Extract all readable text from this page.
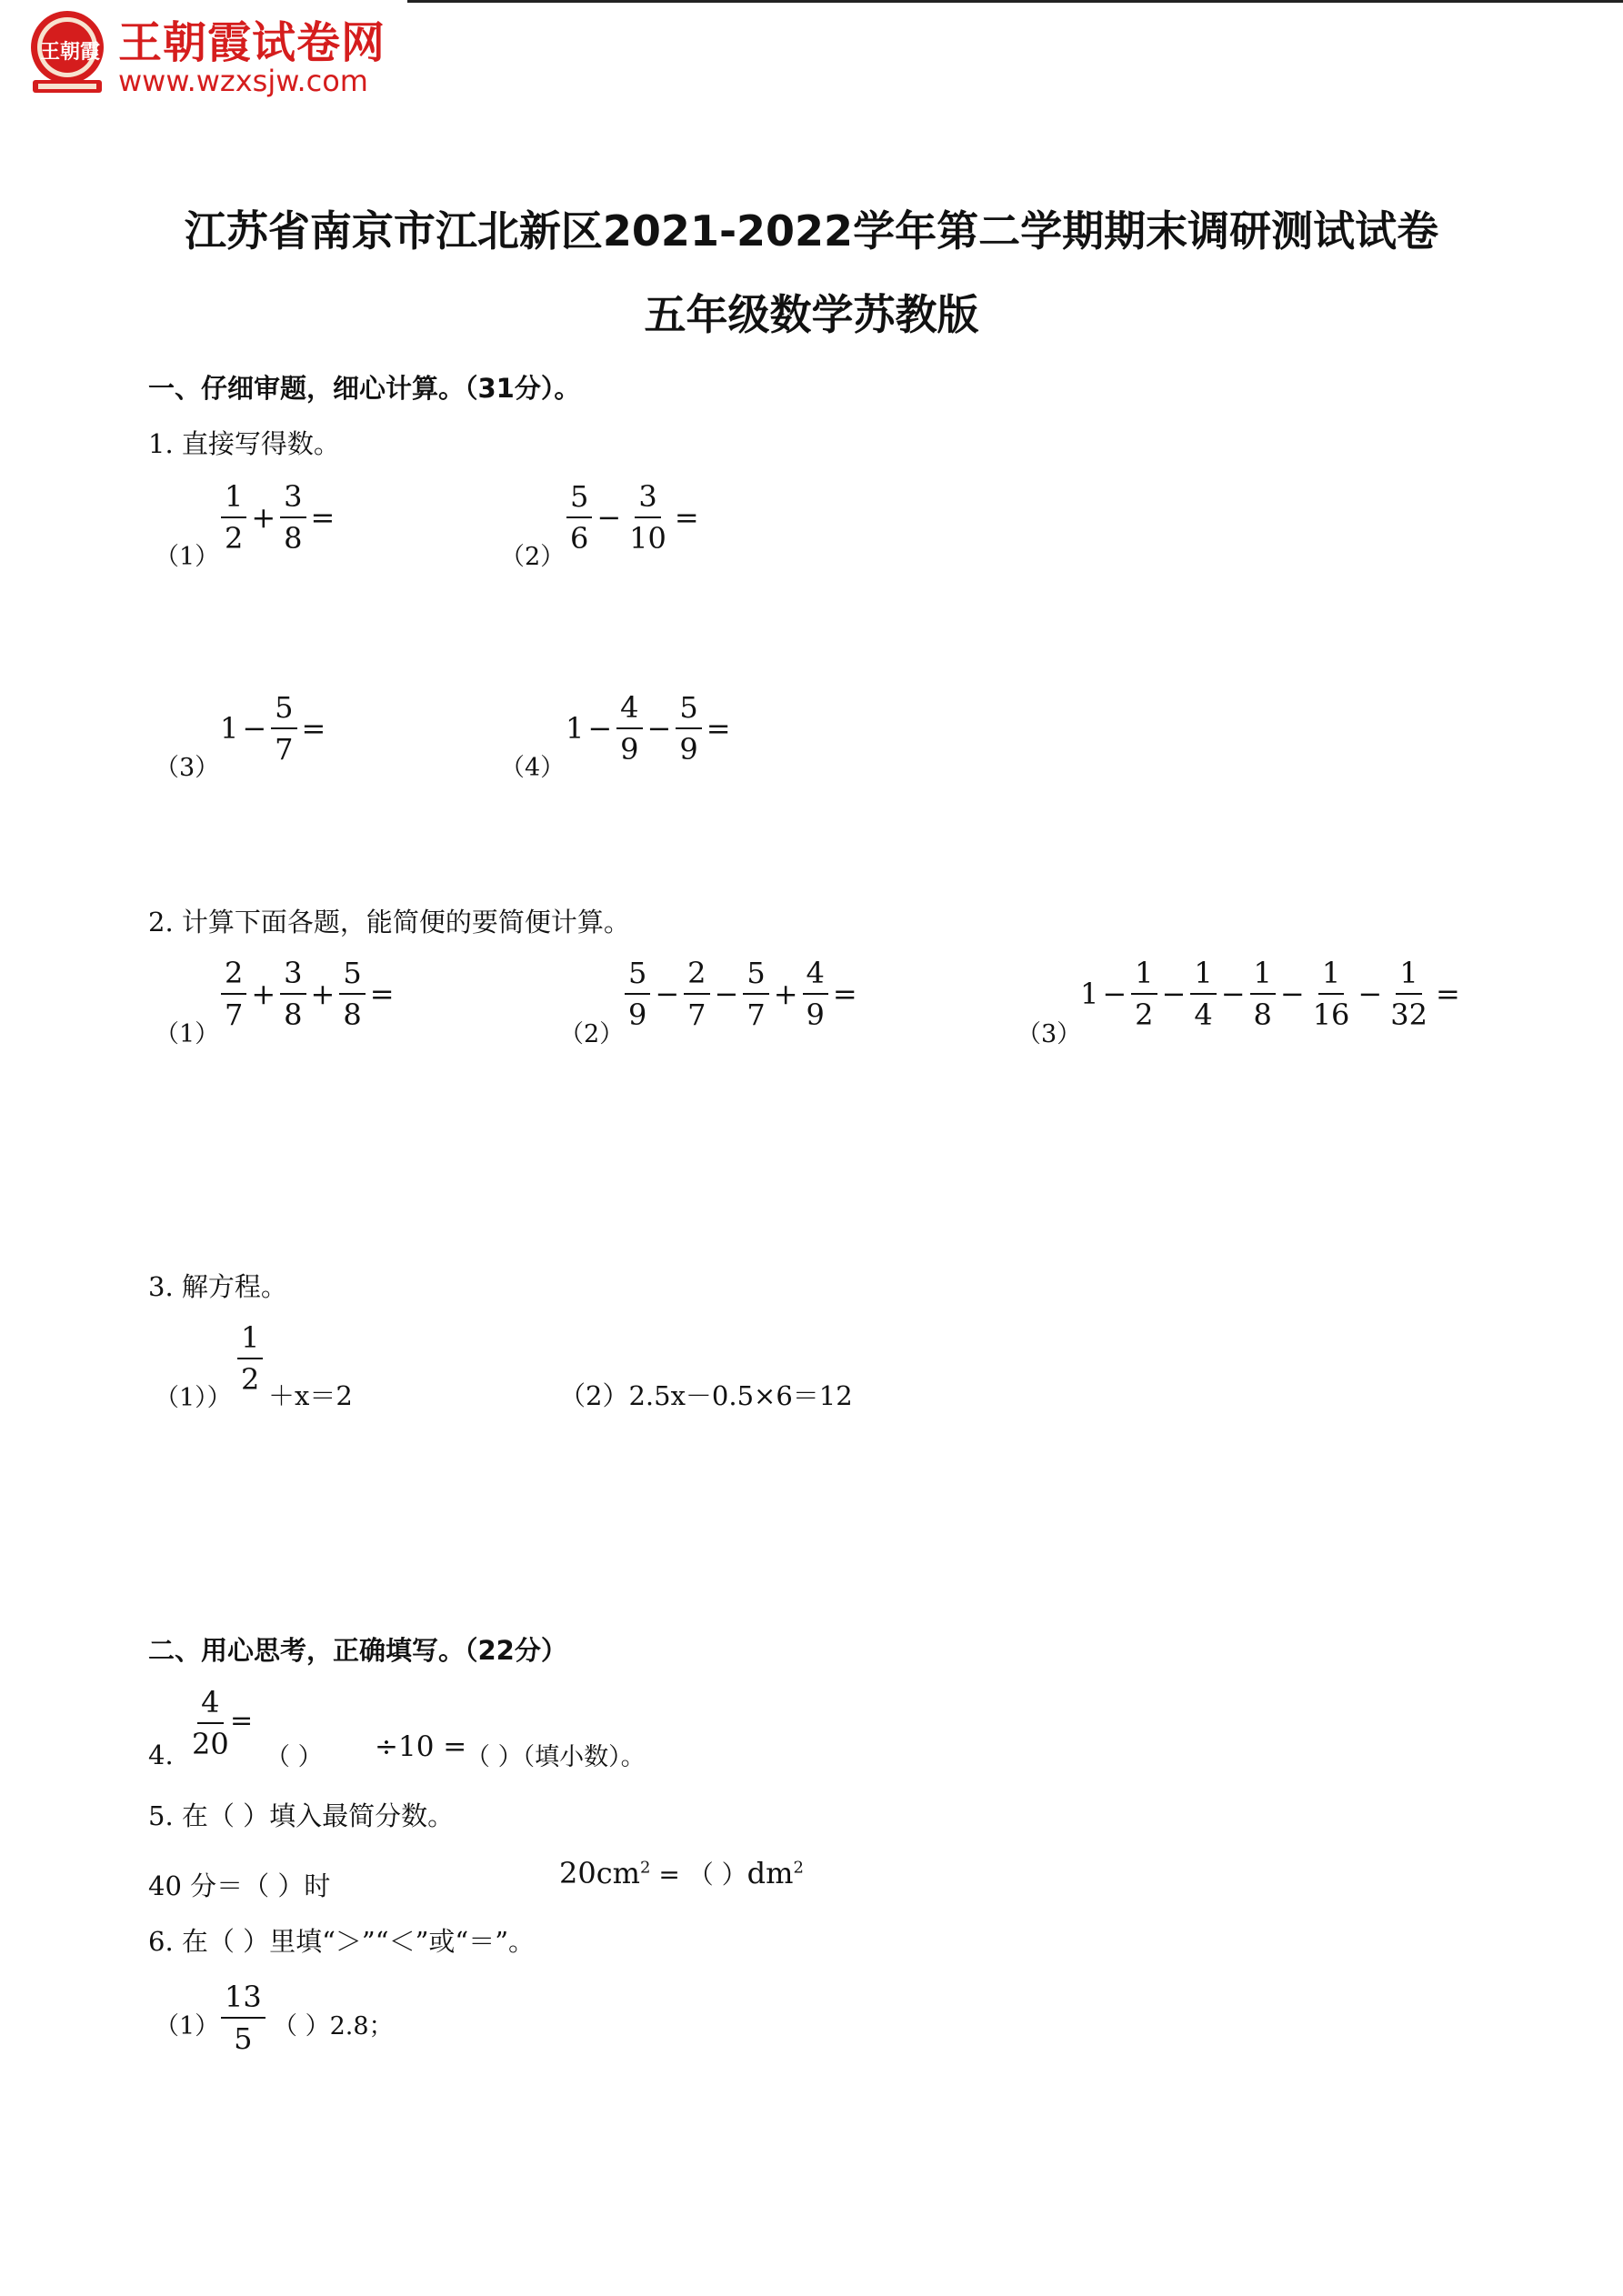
王朝霞 王朝霞试卷网
www.wzxsjw.com
江苏省南京市江北新区2021-2022学年第二学期期末调研测试试卷
五年级数学苏教版
一、仔细审题，细心计算。（31分）。
1. 直接写得数。
（1）
$\frac{1}{2} + \frac{3}{8}$ =
（2）
$\frac{5}{6} - \frac{3}{10}$ =
（3）
$1 - \frac{5}{7}$ =
（4）
$1 - \frac{4}{9} - \frac{5}{9}$ =
2. 计算下面各题，能简便的要简便计算。
（1）
$\frac{2}{7} + \frac{3}{8} + \frac{5}{8}$ =
（2）
$\frac{5}{9} - \frac{2}{7} - \frac{5}{7} + \frac{4}{9}$ =
（3）
$1 - \frac{1}{2} - \frac{1}{4} - \frac{1}{8} - \frac{1}{16} - \frac{1}{32}$ =
3. 解方程。
（1））
$\frac{1}{2}$
＋x＝2	（2）2.5x－0.5×6＝12
二、用心思考，正确填写。（22分）
4. $\frac{4}{20}$
=
（ ） ÷10 =
（ ）（填小数）。
5. 在（ ）填入最简分数。
40 分＝（ ）时	$20cm^2$ = （ ）$dm^2$
6. 在（ ）里填“＞”“＜”或“＝”。
$(1) \frac{13}{5}$ （ ）2.8；
